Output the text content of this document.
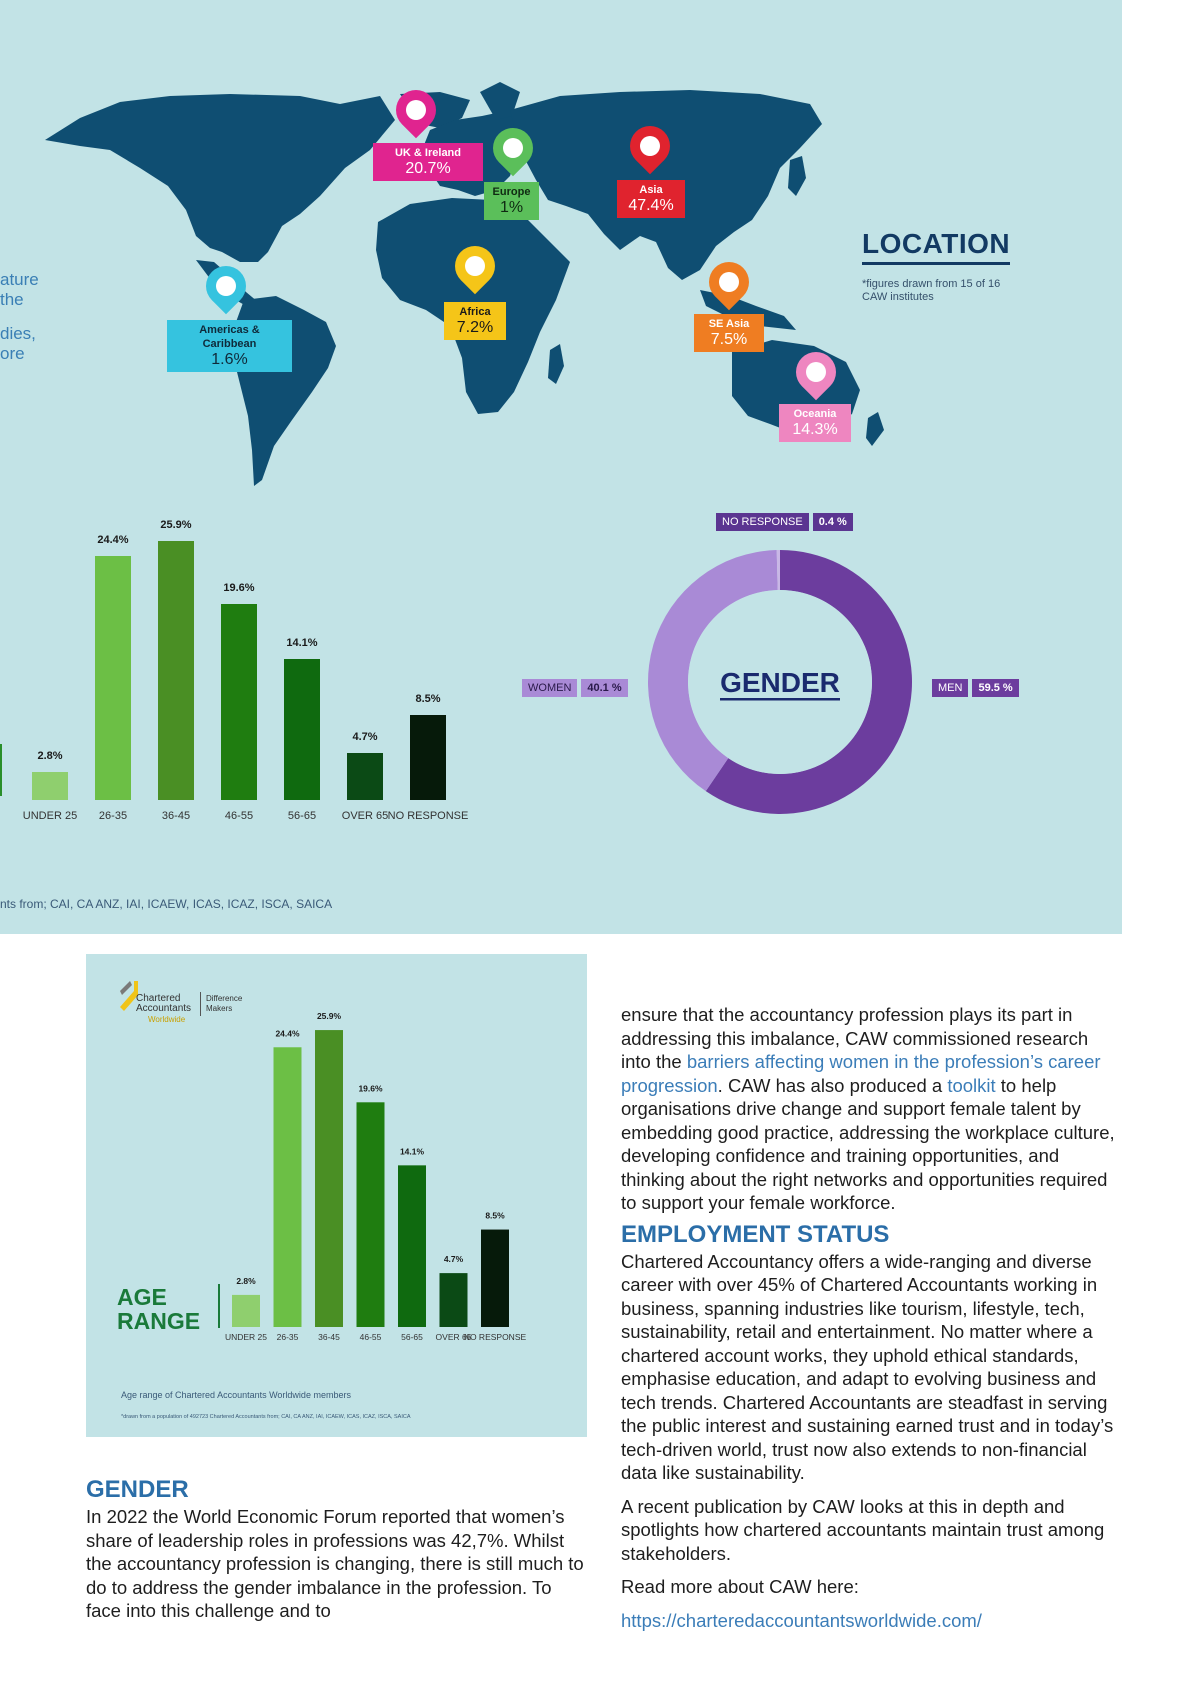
ature
the
dies,
ore
LOCATION
*figures drawn from 15 of 16 CAW institutes
UK & Ireland
20.7%
Europe
1%
Asia
47.4%
Americas & Caribbean
1.6%
Africa
7.2%	SE Asia
7.5%
Oceania
14.3%
2.8%
UNDER 25
24.4%
26-35
25.9%
36-45
19.6%
46-55
14.1%
56-65
4.7%
OVER 65
8.5%
NO RESPONSE
GENDER
NO RESPONSE	0.4 %
WOMEN	40.1 %	MEN	59.5 %
nts from; CAI, CA ANZ, IAI, ICAEW, ICAS, ICAZ, ISCA, SAICA
Chartered
Accountants
Worldwide
Difference
Makers
AGE
RANGE
2.8%
UNDER 25
24.4%
26-35
25.9%
36-45
19.6%
46-55
14.1%
56-65
4.7%
OVER 65
8.5%
NO RESPONSE
Age range of Chartered Accountants Worldwide members
*drawn from a population of 492723 Chartered Accountants from; CAI, CA ANZ, IAI, ICAEW, ICAS, ICAZ, ISCA, SAICA
GENDER

In 2022 the World Economic Forum reported that women’s share of leadership roles in professions was 42,7%. Whilst the accountancy profession is changing, there is still much to do to address the gender imbalance in the profession. To face into this challenge and to

ensure that the accountancy profession plays its part in addressing this imbalance, CAW commissioned research into the barriers affecting women in the profession’s career progression. CAW has also produced a toolkit to help organisations drive change and support female talent by embedding good practice, addressing the workplace culture, developing confidence and training opportunities, and thinking about the right networks and opportunities required to support your female workforce.

EMPLOYMENT STATUS

Chartered Accountancy offers a wide-ranging and diverse career with over 45% of Chartered Accountants working in business, spanning industries like tourism, lifestyle, tech, sustainability, retail and entertainment. No matter where a chartered account works, they uphold ethical standards, emphasise education, and adapt to evolving business and tech trends. Chartered Accountants are steadfast in serving the public interest and sustaining earned trust and in today’s tech-driven world, trust now also extends to non-financial data like sustainability.

A recent publication by CAW looks at this in depth and spotlights how chartered accountants maintain trust among stakeholders.

Read more about CAW here:

https://charteredaccountantsworldwide.com/
